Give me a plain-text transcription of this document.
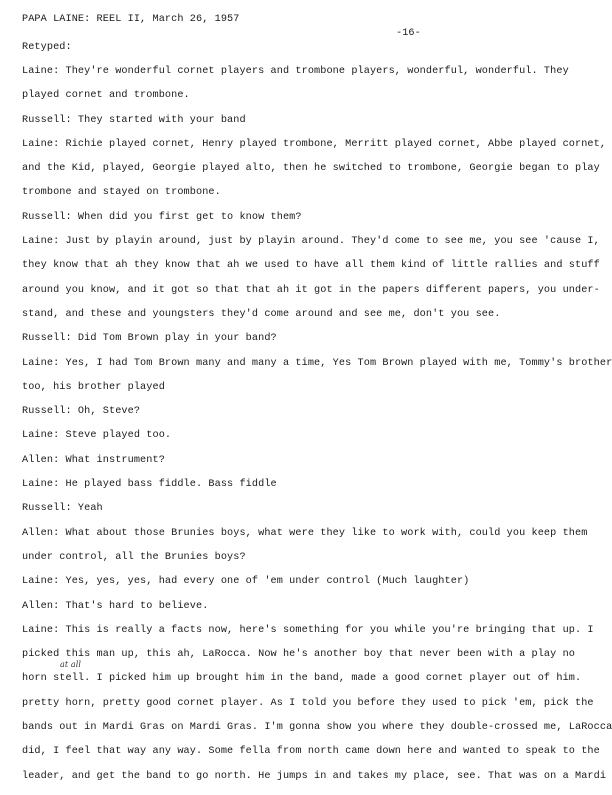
PAPA LAINE: REEL II, March 26, 1957
-16-
Retyped:
at all
Laine: They're wonderful cornet players and trombone players, wonderful, wonderful. They
played cornet and trombone.
Russell: They started with your band
Laine: Richie played cornet, Henry played trombone, Merritt played cornet, Abbe played cornet,
and the Kid, played, Georgie played alto, then he switched to trombone, Georgie began to play
trombone and stayed on trombone.
Russell: When did you first get to know them?
Laine: Just by playin around, just by playin around. They'd come to see me, you see 'cause I,
they know that ah they know that ah we used to have all them kind of little rallies and stuff
around you know, and it got so that that ah it got in the papers different papers, you under-
stand, and these and youngsters they'd come around and see me, don't you see.
Russell: Did Tom Brown play in your band?
Laine: Yes, I had Tom Brown many and many a time, Yes Tom Brown played with me, Tommy's brother
too, his brother played
Russell: Oh, Steve?
Laine: Steve played too.
Allen: What instrument?
Laine: He played bass fiddle. Bass fiddle
Russell: Yeah
Allen: What about those Brunies boys, what were they like to work with, could you keep them
under control, all the Brunies boys?
Laine: Yes, yes, yes, had every one of 'em under control (Much laughter)
Allen: That's hard to believe.
Laine: This is really a facts now, here's something for you while you're bringing that up. I
picked this man up, this ah, LaRocca. Now he's another boy that never been with a play no
horn stell. I picked him up brought him in the band, made a good cornet player out of him.
pretty horn, pretty good cornet player. As I told you before they used to pick 'em, pick the
bands out in Mardi Gras on Mardi Gras. I'm gonna show you where they double-crossed me, LaRocca
did, I feel that way any way. Some fella from north came down here and wanted to speak to the
leader, and get the band to go north. He jumps in and takes my place, see. That was on a Mardi
